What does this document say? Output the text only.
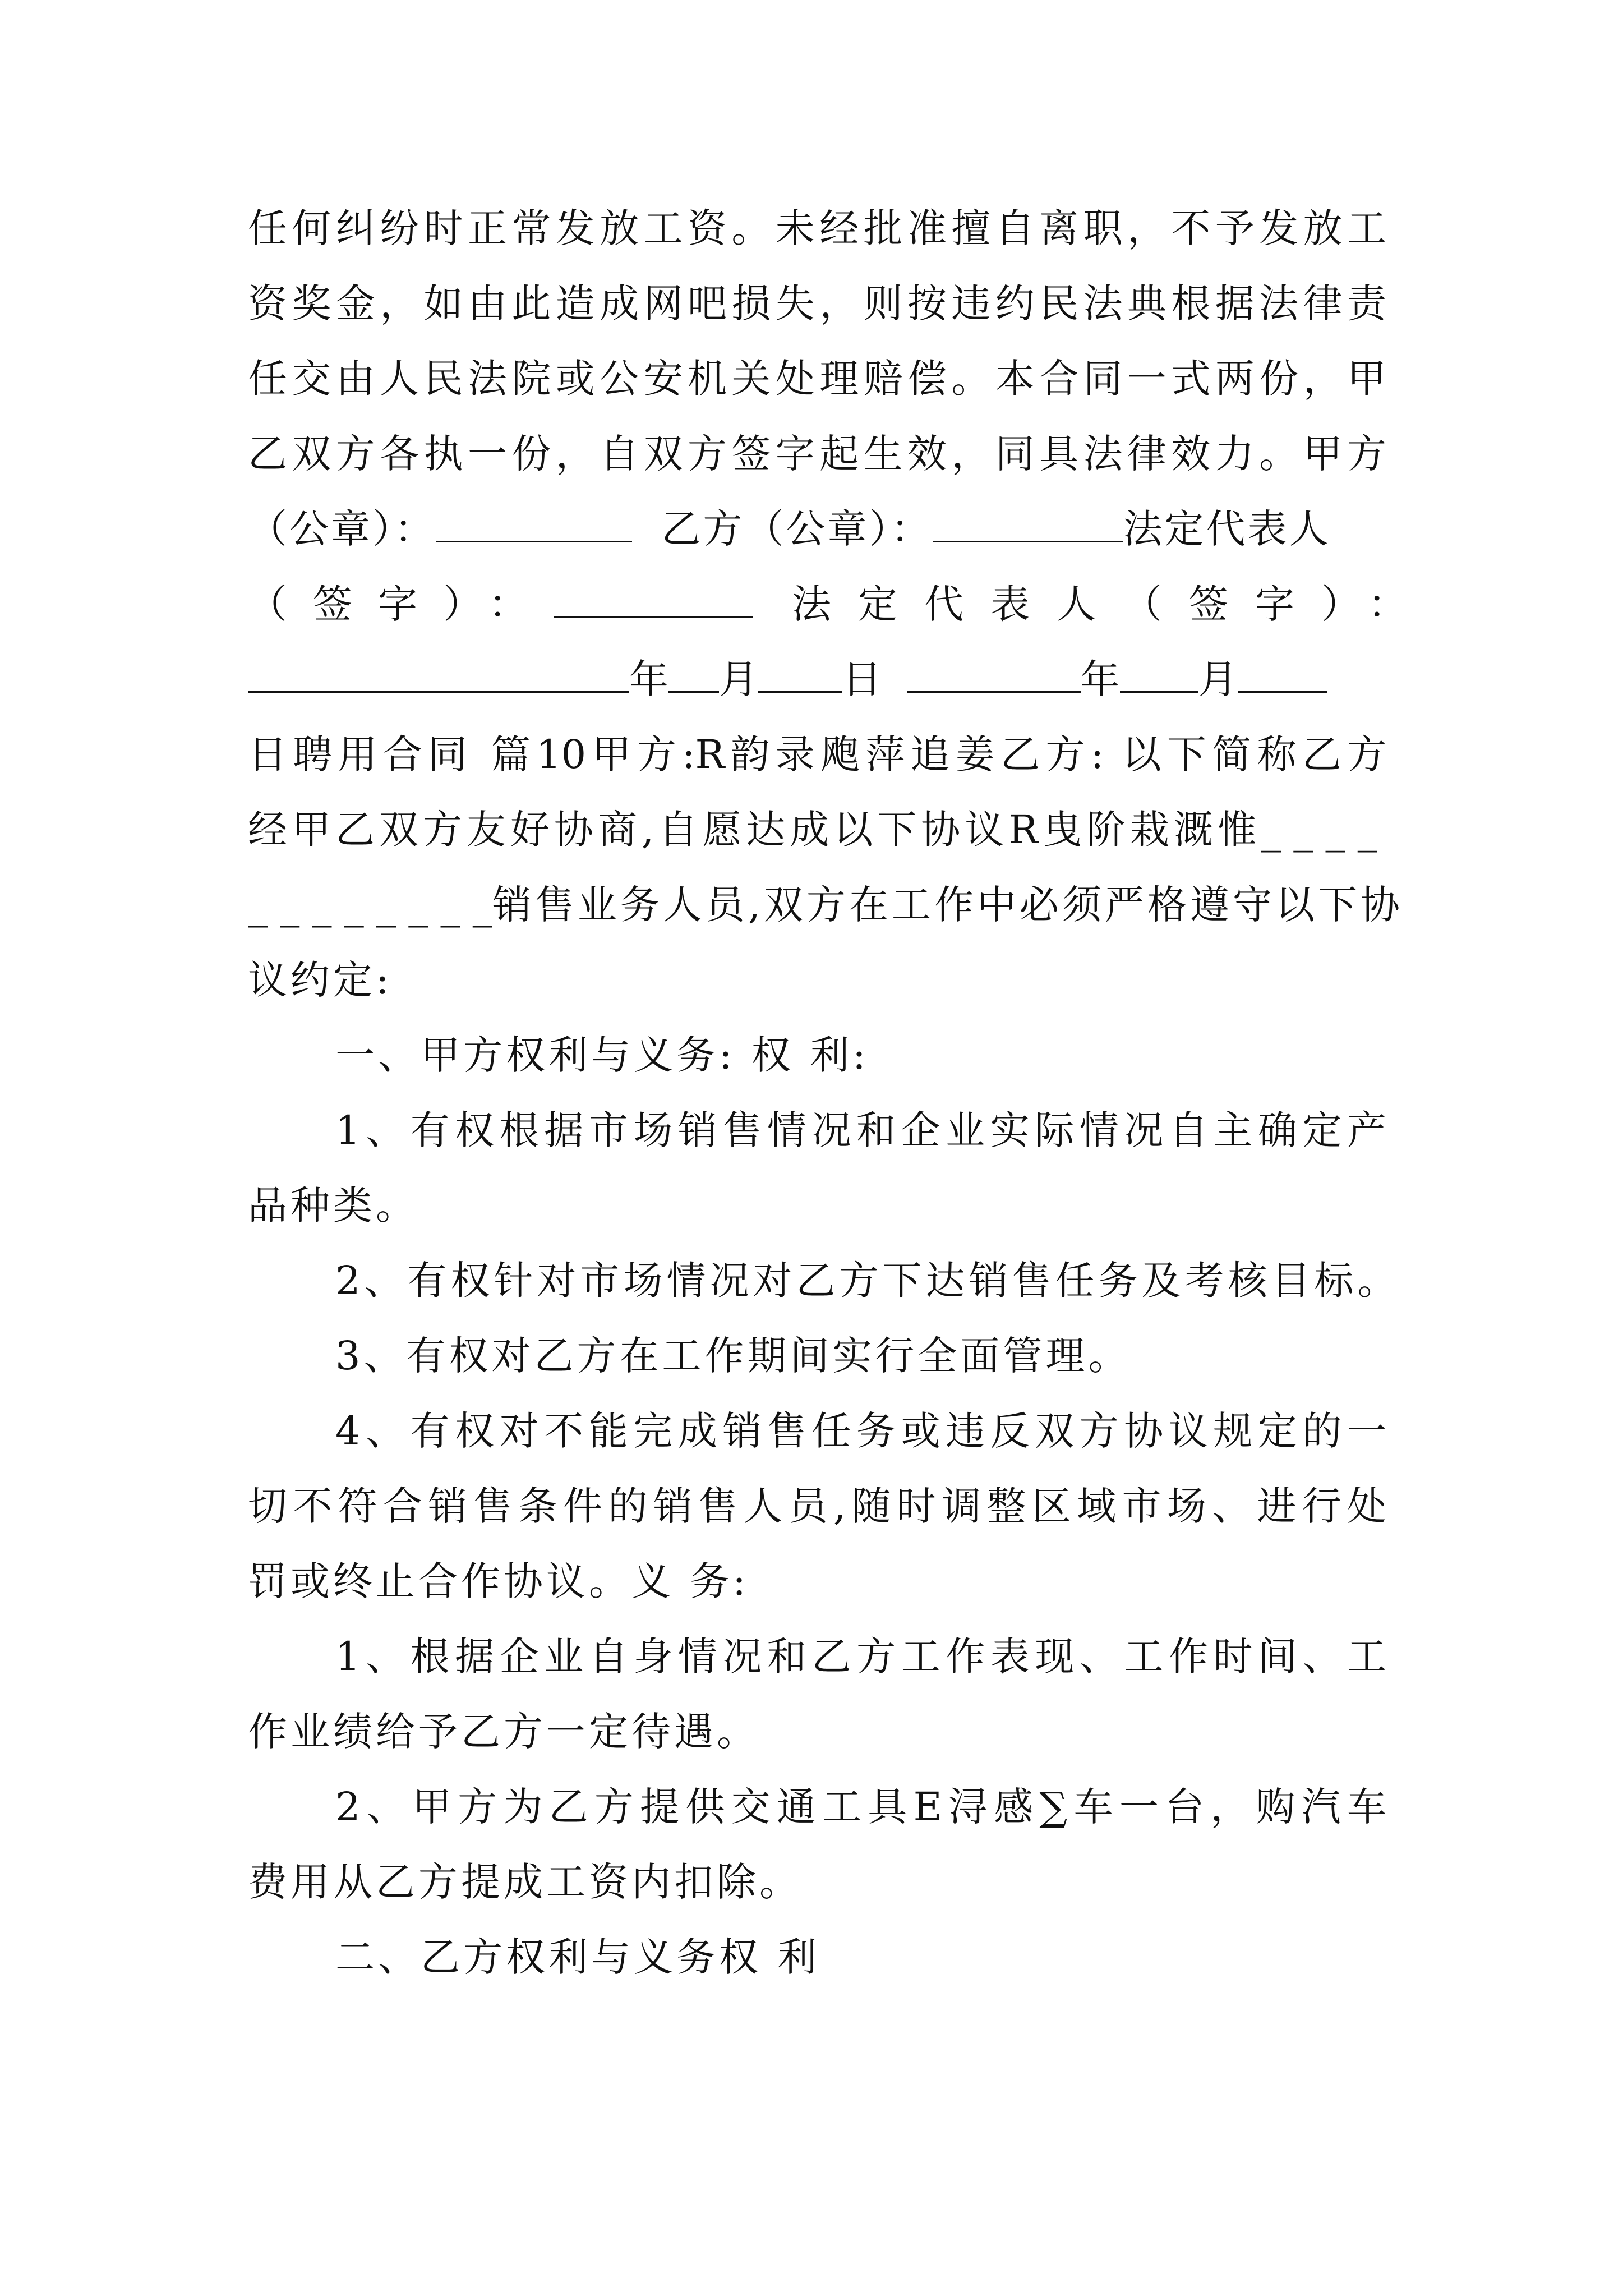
任何纠纷时正常发放工资。未经批准擅自离职，不予发放工
资奖金，如由此造成网吧损失，则按违约民法典根据法律责
任交由人民法院或公安机关处理赔偿。本合同一式两份，甲
乙双方各执一份，自双方签字起生效，同具法律效力。甲方
（公章）：	乙方（公章）：	法定代表人
（签字）：	法定代表人（签字）：
年 月 日	年 月
日聘用合同 篇10甲方:R韵录飑萍追姜乙方: 以下简称乙方
经甲乙双方友好协商,自愿达成以下协议R曳阶栽溉惟_ _ _ _
_ _ _ _ _ _ _ _销售业务人员,双方在工作中必须严格遵守以下协
议约定:
一、甲方权利与义务: 权 利:
1、有权根据市场销售情况和企业实际情况自主确定产
品种类。
2、有权针对市场情况对乙方下达销售任务及考核目标。
3、有权对乙方在工作期间实行全面管理。
4、有权对不能完成销售任务或违反双方协议规定的一
切不符合销售条件的销售人员,随时调整区域市场、进行处
罚或终止合作协议。义 务:
1、根据企业自身情况和乙方工作表现、工作时间、工
作业绩给予乙方一定待遇。
2、甲方为乙方提供交通工具E浔感∑车一台，购汽车
费用从乙方提成工资内扣除。
二、乙方权利与义务权 利
